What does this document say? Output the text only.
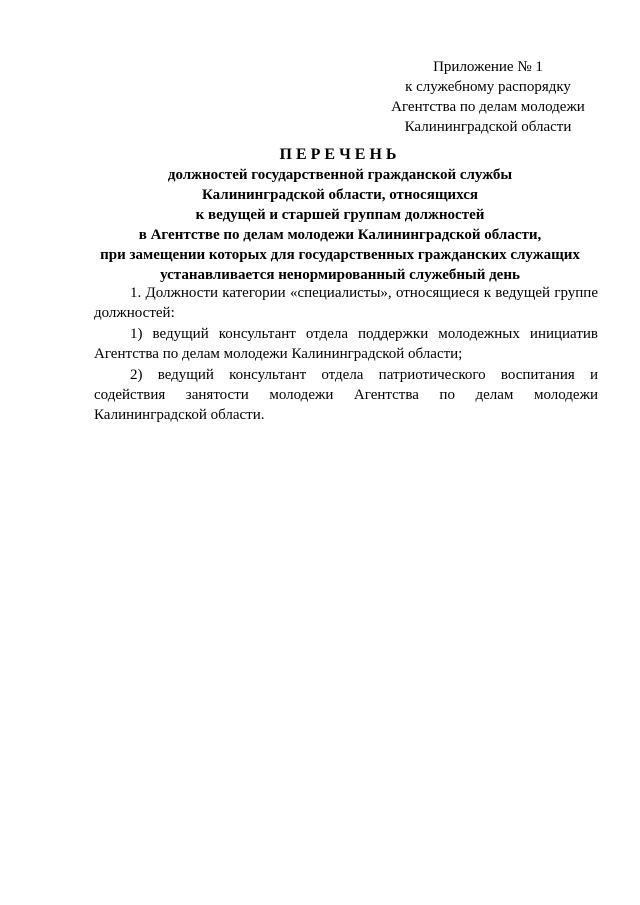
Приложение № 1
к служебному распорядку
Агентства по делам молодежи
Калининградской области
ПЕРЕЧЕНЬ
должностей государственной гражданской службы
Калининградской области, относящихся
к ведущей и старшей группам должностей
в Агентстве по делам молодежи Калининградской области,
при замещении которых для государственных гражданских служащих
устанавливается ненормированный служебный день

1. Должности категории «специалисты», относящиеся к ведущей группе должностей:

1) ведущий консультант отдела поддержки молодежных инициатив Агентства по делам молодежи Калининградской области;

2) ведущий консультант отдела патриотического воспитания и содействия занятости молодежи Агентства по делам молодежи Калининградской области.
